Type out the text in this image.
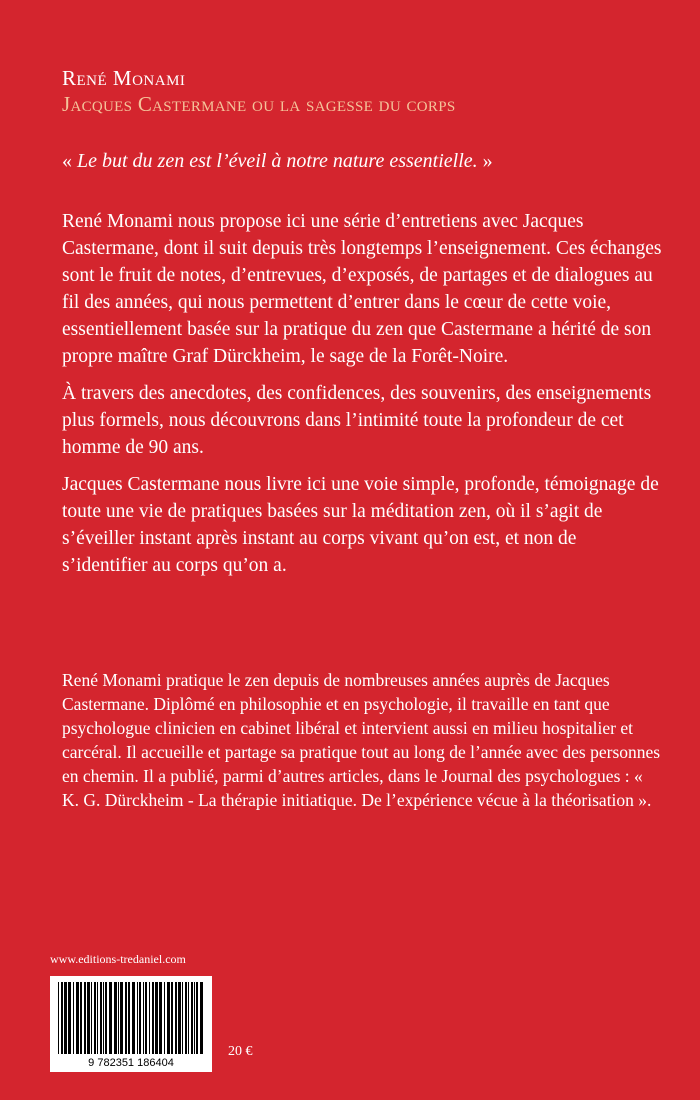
René Monami
Jacques Castermane ou la sagesse du corps
« Le but du zen est l’éveil à notre nature essentielle. »

René Monami nous propose ici une série d’entretiens avec Jacques Castermane, dont il suit depuis très longtemps l’enseignement. Ces échanges sont le fruit de notes, d’entrevues, d’exposés, de partages et de dialogues au fil des années, qui nous permettent d’entrer dans le cœur de cette voie, essentiellement basée sur la pratique du zen que Castermane a hérité de son propre maître Graf Dürckheim, le sage de la Forêt-Noire.

À travers des anecdotes, des confidences, des souvenirs, des enseignements plus formels, nous découvrons dans l’intimité toute la profondeur de cet homme de 90 ans.

Jacques Castermane nous livre ici une voie simple, profonde, témoignage de toute une vie de pratiques basées sur la méditation zen, où il s’agit de s’éveiller instant après instant au corps vivant qu’on est, et non de s’identifier au corps qu’on a.

René Monami pratique le zen depuis de nombreuses années auprès de Jacques Castermane. Diplômé en philosophie et en psychologie, il travaille en tant que psychologue clinicien en cabinet libéral et intervient aussi en milieu hospitalier et carcéral. Il accueille et partage sa pratique tout au long de l’année avec des personnes en chemin. Il a publié, parmi d’autres articles, dans le Journal des psychologues : « K. G. Dürckheim - La thérapie initiatique. De l’expérience vécue à la théorisation ».
www.editions-tredaniel.com
9 782351 186404
20 €
